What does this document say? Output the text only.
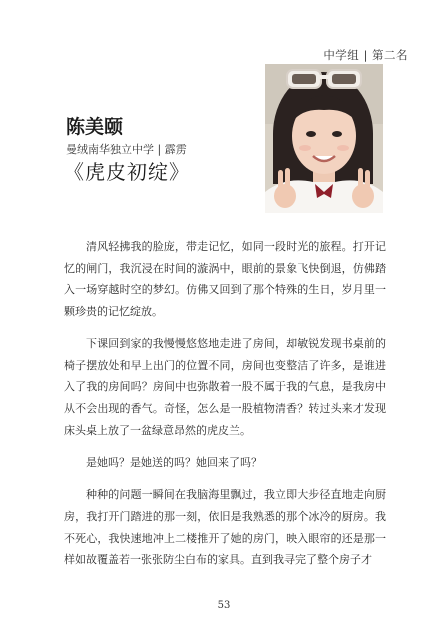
中学组 | 第二名
陈美颐
曼绒南华独立中学 | 霹雳
《虎皮初绽》

清风轻拂我的脸庞，带走记忆，如同一段时光的旅程。打开记忆的闸门，我沉浸在时间的漩涡中，眼前的景象飞快倒退，仿佛踏入一场穿越时空的梦幻。仿佛又回到了那个特殊的生日，岁月里一颗珍贵的记忆绽放。

下课回到家的我慢慢悠悠地走进了房间，却敏锐发现书桌前的椅子摆放处和早上出门的位置不同，房间也变整洁了许多，是谁进入了我的房间吗？房间中也弥散着一股不属于我的气息，是我房中从不会出现的香气。奇怪，怎么是一股植物清香？转过头来才发现床头桌上放了一盆绿意昂然的虎皮兰。

是她吗？是她送的吗？她回来了吗？

种种的问题一瞬间在我脑海里飘过，我立即大步径直地走向厨房，我打开门踏进的那一刻，依旧是我熟悉的那个冰冷的厨房。我不死心，我快速地冲上二楼推开了她的房门，映入眼帘的还是那一样如故覆盖若一张张防尘白布的家具。直到我寻完了整个房子才

53
